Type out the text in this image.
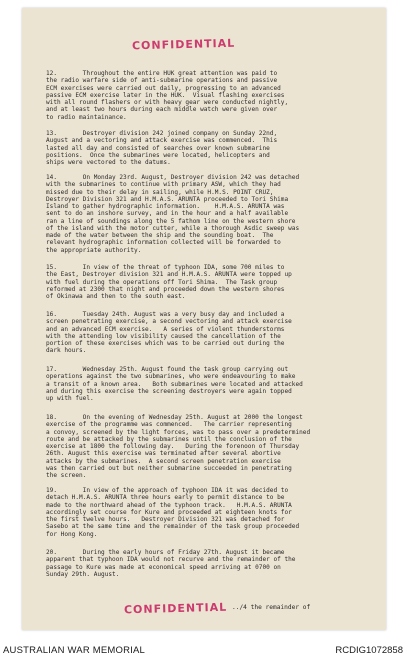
CONFIDENTIAL
12.       Throughout the entire HUK great attention was paid to
the radio warfare side of anti-submarine operations and passive
ECM exercises were carried out daily, progressing to an advanced
passive ECM exercise later in the HUK.  Visual flashing exercises
with all round flashers or with heavy gear were conducted nightly,
and at least two hours during each middle watch were given over
to radio maintainance.
13.       Destroyer division 242 joined company on Sunday 22nd,
August and a vectoring and attack exercise was commenced.  This
lasted all day and consisted of searches over known submarine
positions.  Once the submarines were located, helicopters and
ships were vectored to the datums.
14.       On Monday 23rd. August, Destroyer division 242 was detached
with the submarines to continue with primary ASW, which they had
missed due to their delay in sailing, while H.M.S. POINT CRUZ,
Destroyer Division 321 and H.M.A.S. ARUNTA proceeded to Tori Shima
Island to gather hydrographic information.    H.M.A.S. ARUNTA was
sent to do an inshore survey, and in the hour and a half available
ran a line of soundings along the 5 fathom line on the western shore
of the island with the motor cutter, while a thorough Asdic sweep was
made of the water between the ship and the sounding boat.  The
relevant hydrographic information collected will be forwarded to
the appropriate authority.
15.       In view of the threat of typhoon IDA, some 700 miles to
the East, Destroyer division 321 and H.M.A.S. ARUNTA were topped up
with fuel during the operations off Tori Shima.  The Task group
reformed at 2300 that night and proceeded down the western shores
of Okinawa and then to the south east.
16.       Tuesday 24th. August was a very busy day and included a
screen penetrating exercise, a second vectoring and attack exercise
and an advanced ECM exercise.   A series of violent thunderstorms
with the attending low visibility caused the cancellation of the
portion of these exercises which was to be carried out during the
dark hours.
17.       Wednesday 25th. August found the task group carrying out
operations against the two submarines, who were endeavouring to make
a transit of a known area.   Both submarines were located and attacked
and during this exercise the screening destroyers were again topped
up with fuel.
18.       On the evening of Wednesday 25th. August at 2000 the longest
exercise of the programme was commenced.   The carrier representing
a convoy, screened by the light forces, was to pass over a predetermined
route and be attacked by the submarines until the conclusion of the
exercise at 1800 the following day.   During the forenoon of Thursday
26th. August this exercise was terminated after several abortive
attacks by the submarines.  A second screen penetration exercise
was then carried out but neither submarine succeeded in penetrating
the screen.
19.       In view of the approach of typhoon IDA it was decided to
detach H.M.A.S. ARUNTA three hours early to permit distance to be
made to the northward ahead of the typhoon track.   H.M.A.S. ARUNTA
accordingly set course for Kure and proceeded at eighteen knots for
the first twelve hours.   Destroyer Division 321 was detached for
Sasebo at the same time and the remainder of the task group proceeded
for Hong Kong.
20.       During the early hours of Friday 27th. August it became
apparent that typhoon IDA would not recurve and the remainder of the
passage to Kure was made at economical speed arriving at 0700 on
Sunday 29th. August.
CONFIDENTIAL ../4 the remainder of
AUSTRALIAN WAR MEMORIAL	RCDIG1072858
